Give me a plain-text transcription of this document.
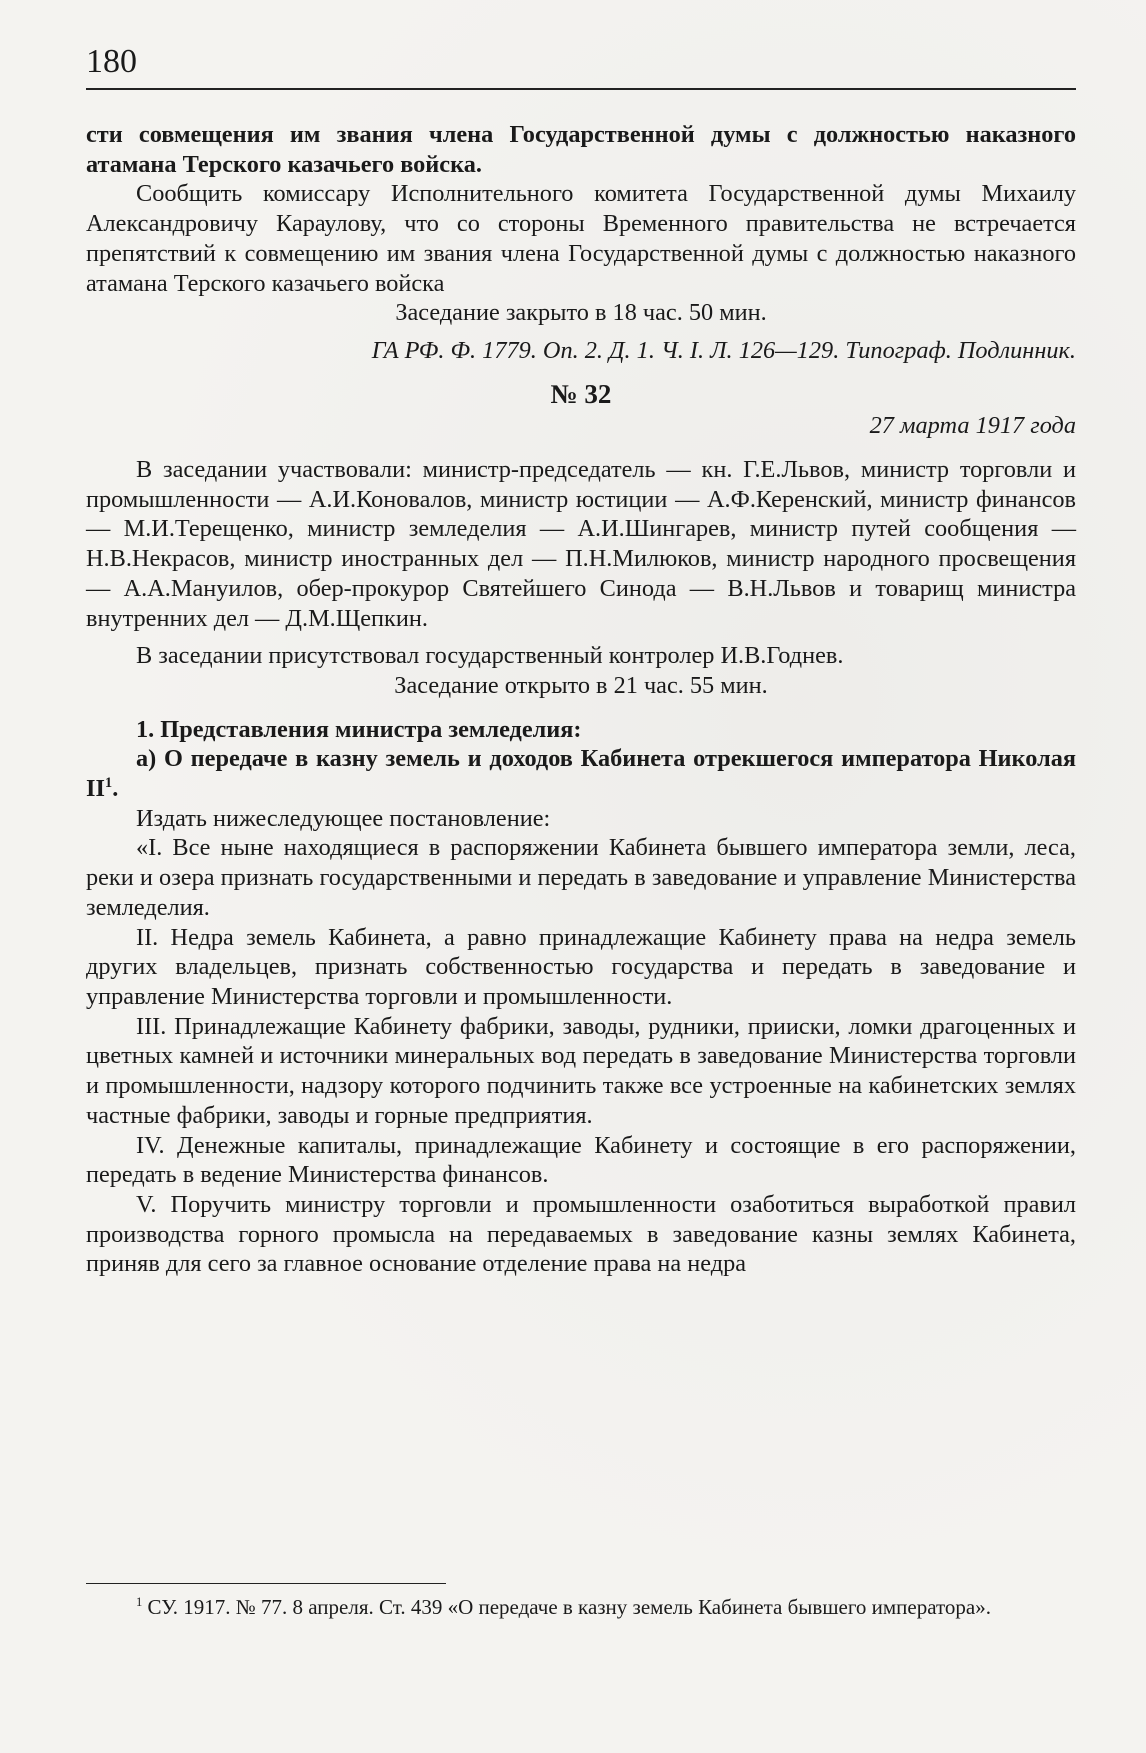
180

сти совмещения им звания члена Государственной думы с должностью наказного атамана Терского казачьего войска.

Сообщить комиссару Исполнительного комитета Государственной думы Михаилу Александровичу Караулову, что со стороны Временного правительства не встречается препятствий к совмещению им звания члена Государственной думы с должностью наказного атамана Терского казачьего войска

Заседание закрыто в 18 час. 50 мин.

ГА РФ. Ф. 1779. Оп. 2. Д. 1. Ч. I. Л. 126—129. Типограф. Подлинник.

№ 32

27 марта 1917 года

В заседании участвовали: министр-председатель — кн. Г.Е.Львов, министр торговли и промышленности — А.И.Коновалов, министр юстиции — А.Ф.Керенский, министр финансов — М.И.Терещенко, министр земледелия — А.И.Шингарев, министр путей сообщения — Н.В.Некрасов, министр иностранных дел — П.Н.Милюков, министр народного просвещения — А.А.Мануилов, обер-прокурор Святейшего Синода — В.Н.Львов и товарищ министра внутренних дел — Д.М.Щепкин.

В заседании присутствовал государственный контролер И.В.Годнев.

Заседание открыто в 21 час. 55 мин.

1. Представления министра земледелия:

а) О передаче в казну земель и доходов Кабинета отрекшегося императора Николая $II^1$.

Издать нижеследующее постановление:

«I. Все ныне находящиеся в распоряжении Кабинета бывшего императора земли, леса, реки и озера признать государственными и передать в заведование и управление Министерства земледелия.

II. Недра земель Кабинета, а равно принадлежащие Кабинету права на недра земель других владельцев, признать собственностью государства и передать в заведование и управление Министерства торговли и промышленности.

III. Принадлежащие Кабинету фабрики, заводы, рудники, прииски, ломки драгоценных и цветных камней и источники минеральных вод передать в заведование Министерства торговли и промышленности, надзору которого подчинить также все устроенные на кабинетских землях частные фабрики, заводы и горные предприятия.

IV. Денежные капиталы, принадлежащие Кабинету и состоящие в его распоряжении, передать в ведение Министерства финансов.

V. Поручить министру торговли и промышленности озаботиться выработкой правил производства горного промысла на передаваемых в заведование казны землях Кабинета, приняв для сего за главное основание отделение права на недра

$^1$ СУ. 1917. № 77. 8 апреля. Ст. 439 «О передаче в казну земель Кабинета бывшего императора».
